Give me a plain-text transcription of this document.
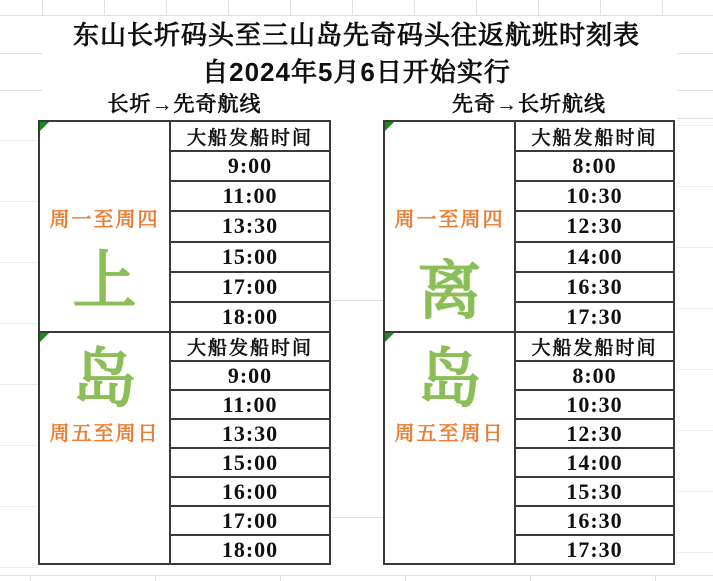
东山长圻码头至三山岛先奇码头往返航班时刻表
自2024年5月6日开始实行
长圻→先奇航线	先奇→长圻航线
周一至周四
上
大船发船时间
9:00
11:00
13:30
15:00
17:00
18:00
岛
周五至周日
大船发船时间
9:00
11:00
13:30
15:00
16:00
17:00
18:00
周一至周四
离
大船发船时间
8:00
10:30
12:30
14:00
16:30
17:30
岛
周五至周日
大船发船时间
8:00
10:30
12:30
14:00
15:30
16:30
17:30
